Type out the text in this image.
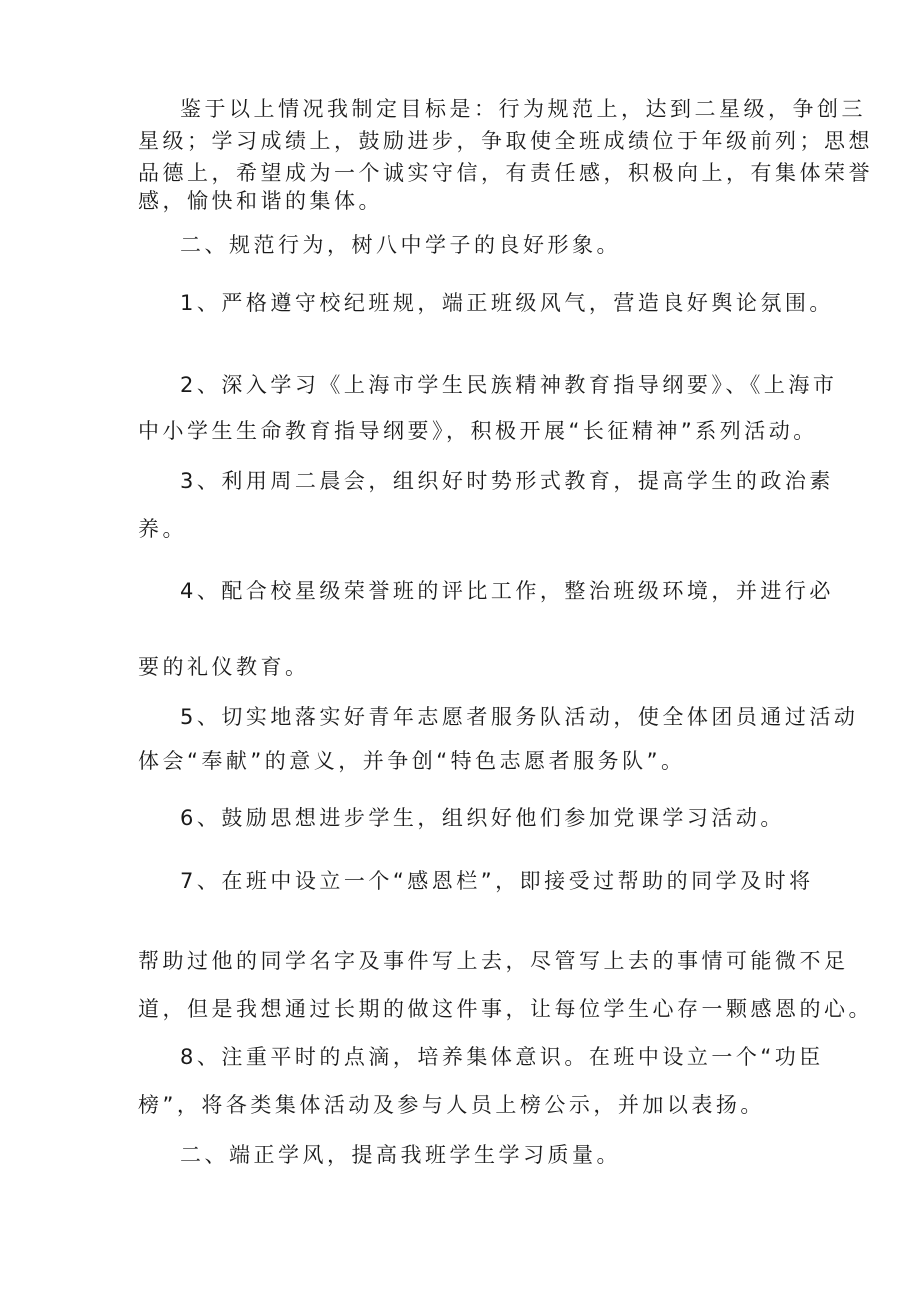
鉴于以上情况我制定目标是：行为规范上，达到二星级，争创三

星级；学习成绩上，鼓励进步，争取使全班成绩位于年级前列；思想

品德上，希望成为一个诚实守信，有责任感，积极向上，有集体荣誉

感，愉快和谐的集体。

二、规范行为，树八中学子的良好形象。

1、严格遵守校纪班规，端正班级风气，营造良好舆论氛围。

2、深入学习《上海市学生民族精神教育指导纲要》、《上海市

中小学生生命教育指导纲要》，积极开展“长征精神”系列活动。

3、利用周二晨会，组织好时势形式教育，提高学生的政治素

养。

4、配合校星级荣誉班的评比工作，整治班级环境，并进行必

要的礼仪教育。

5、切实地落实好青年志愿者服务队活动，使全体团员通过活动

体会“奉献”的意义，并争创“特色志愿者服务队”。

6、鼓励思想进步学生，组织好他们参加党课学习活动。

7、在班中设立一个“感恩栏”，即接受过帮助的同学及时将

帮助过他的同学名字及事件写上去，尽管写上去的事情可能微不足

道，但是我想通过长期的做这件事，让每位学生心存一颗感恩的心。

8、注重平时的点滴，培养集体意识。在班中设立一个“功臣

榜”，将各类集体活动及参与人员上榜公示，并加以表扬。

二、端正学风，提高我班学生学习质量。
